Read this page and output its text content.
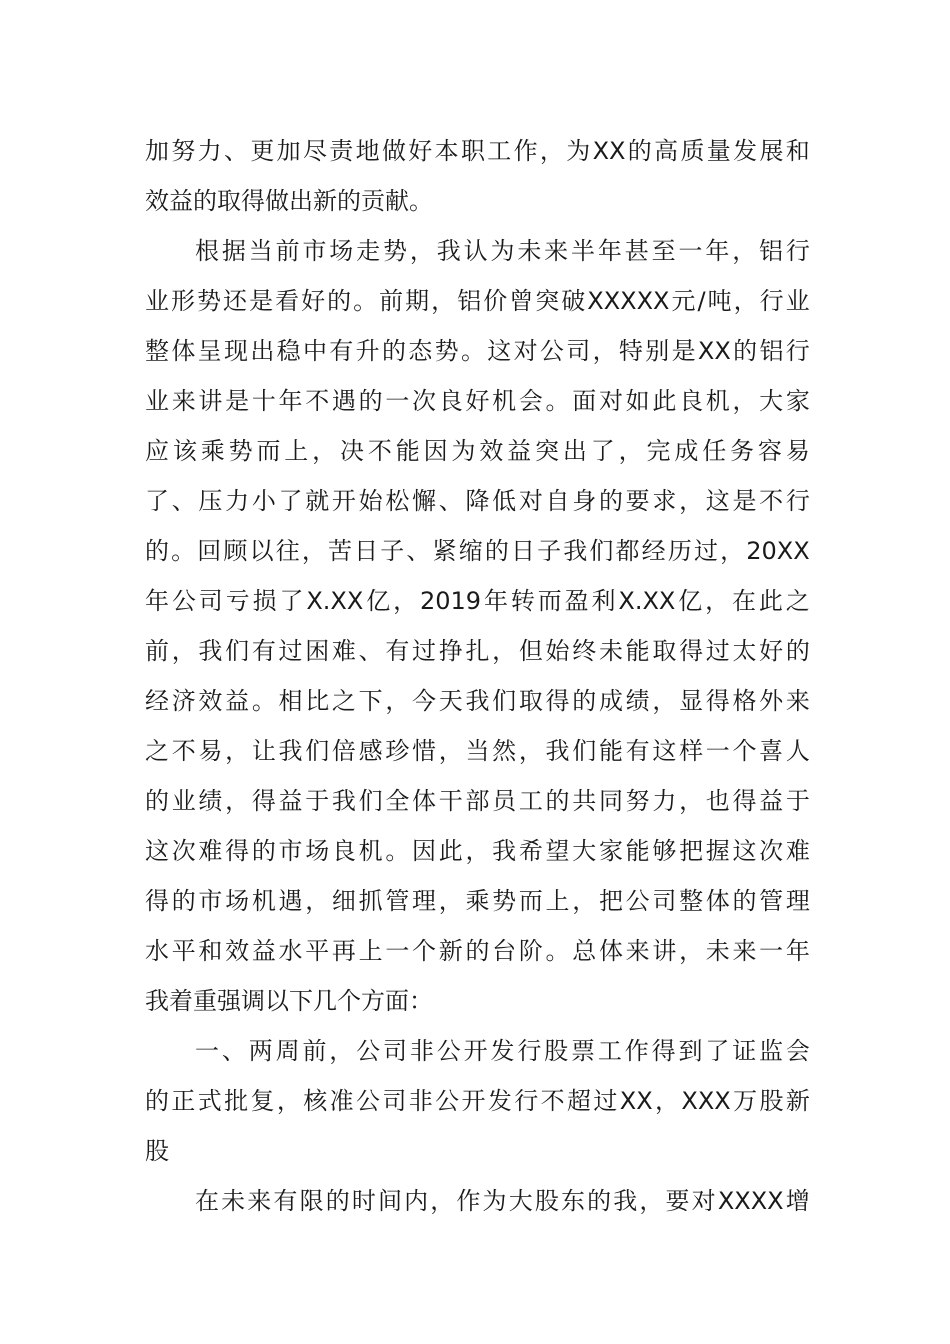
加 努 力 、 更 加 尽 责 地 做 好 本 职 工 作 ， 为 XX 的 高 质 量 发 展 和
效 益 的 取 得 做 出 新 的 贡 献 。
根 据 当 前 市 场 走 势 ， 我 认 为 未 来 半 年 甚 至 一 年 ， 铝 行
业 形 势 还 是 看 好 的 。 前 期 ， 铝 价 曾 突 破 XXXXX 元 / 吨 ， 行 业
整 体 呈 现 出 稳 中 有 升 的 态 势 。 这 对 公 司 ， 特 别 是 XX 的 铝 行
业 来 讲 是 十 年 不 遇 的 一 次 良 好 机 会 。 面 对 如 此 良 机 ， 大 家
应 该 乘 势 而 上 ， 决 不 能 因 为 效 益 突 出 了 ， 完 成 任 务 容 易
了 、 压 力 小 了 就 开 始 松 懈 、 降 低 对 自 身 的 要 求 ， 这 是 不 行
的 。 回 顾 以 往 ， 苦 日 子 、 紧 缩 的 日 子 我 们 都 经 历 过 ， 20XX
年 公 司 亏 损 了 X.XX 亿 ， 2019 年 转 而 盈 利 X.XX 亿 ， 在 此 之
前 ， 我 们 有 过 困 难 、 有 过 挣 扎 ， 但 始 终 未 能 取 得 过 太 好 的
经 济 效 益 。 相 比 之 下 ， 今 天 我 们 取 得 的 成 绩 ， 显 得 格 外 来
之 不 易 ， 让 我 们 倍 感 珍 惜 ， 当 然 ， 我 们 能 有 这 样 一 个 喜 人
的 业 绩 ， 得 益 于 我 们 全 体 干 部 员 工 的 共 同 努 力 ， 也 得 益 于
这 次 难 得 的 市 场 良 机 。 因 此 ， 我 希 望 大 家 能 够 把 握 这 次 难
得 的 市 场 机 遇 ， 细 抓 管 理 ， 乘 势 而 上 ， 把 公 司 整 体 的 管 理
水 平 和 效 益 水 平 再 上 一 个 新 的 台 阶 。 总 体 来 讲 ， 未 来 一 年
我 着 重 强 调 以 下 几 个 方 面 ：
一 、 两 周 前 ， 公 司 非 公 开 发 行 股 票 工 作 得 到 了 证 监 会
的 正 式 批 复 ， 核 准 公 司 非 公 开 发 行 不 超 过 XX ， XXX 万 股 新
股
在 未 来 有 限 的 时 间 内 ， 作 为 大 股 东 的 我 ， 要 对 XXXX 增
